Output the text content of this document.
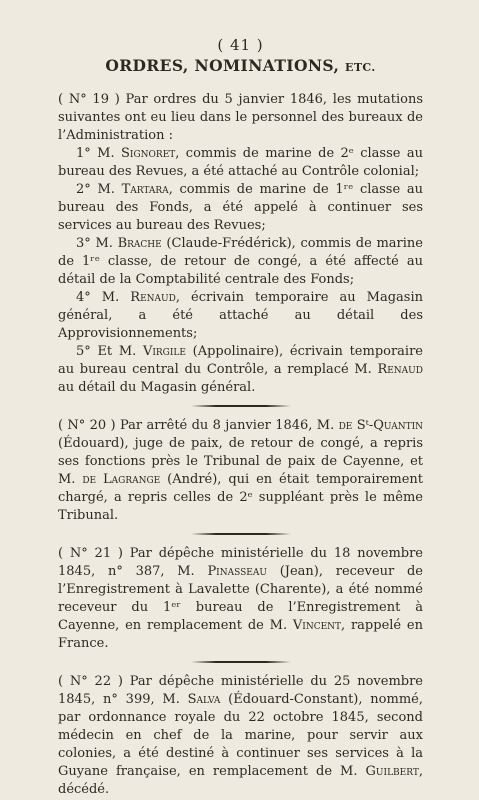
( 41 )
ORDRES, NOMINATIONS, ETC.

( N° 19 ) Par ordres du 5 janvier 1846, les mutations suivantes ont eu lieu dans le personnel des bureaux de l’Administration :

1° M. Signoret, commis de marine de 2ᵉ classe au bureau des Revues, a été attaché au Contrôle colonial;

2° M. Tartara, commis de marine de 1ʳᵉ classe au bureau des Fonds, a été appelé à continuer ses services au bureau des Revues;

3° M. Brache (Claude-Frédérick), commis de marine de 1ʳᵉ classe, de retour de congé, a été affecté au détail de la Comptabilité centrale des Fonds;

4° M. Renaud, écrivain temporaire au Magasin général, a été attaché au détail des Approvisionnements;

5° Et M. Virgile (Appolinaire), écrivain temporaire au bureau central du Contrôle, a remplacé M. Renaud au détail du Magasin général.

( N° 20 ) Par arrêté du 8 janvier 1846, M. de Sᵗ-Quantin (Édouard), juge de paix, de retour de congé, a repris ses fonctions près le Tribunal de paix de Cayenne, et M. de Lagrange (André), qui en était temporairement chargé, a repris celles de 2ᵉ suppléant près le même Tribunal.

( N° 21 ) Par dépêche ministérielle du 18 novembre 1845, n° 387, M. Pinasseau (Jean), receveur de l’Enregistrement à Lavalette (Charente), a été nommé receveur du 1ᵉʳ bureau de l’Enregistrement à Cayenne, en remplacement de M. Vincent, rappelé en France.

( N° 22 ) Par dépêche ministérielle du 25 novembre 1845, n° 399, M. Salva (Édouard-Constant), nommé, par ordonnance royale du 22 octobre 1845, second médecin en chef de la marine, pour servir aux colonies, a été destiné à continuer ses services à la Guyane française, en remplacement de M. Guilbert, décédé.
